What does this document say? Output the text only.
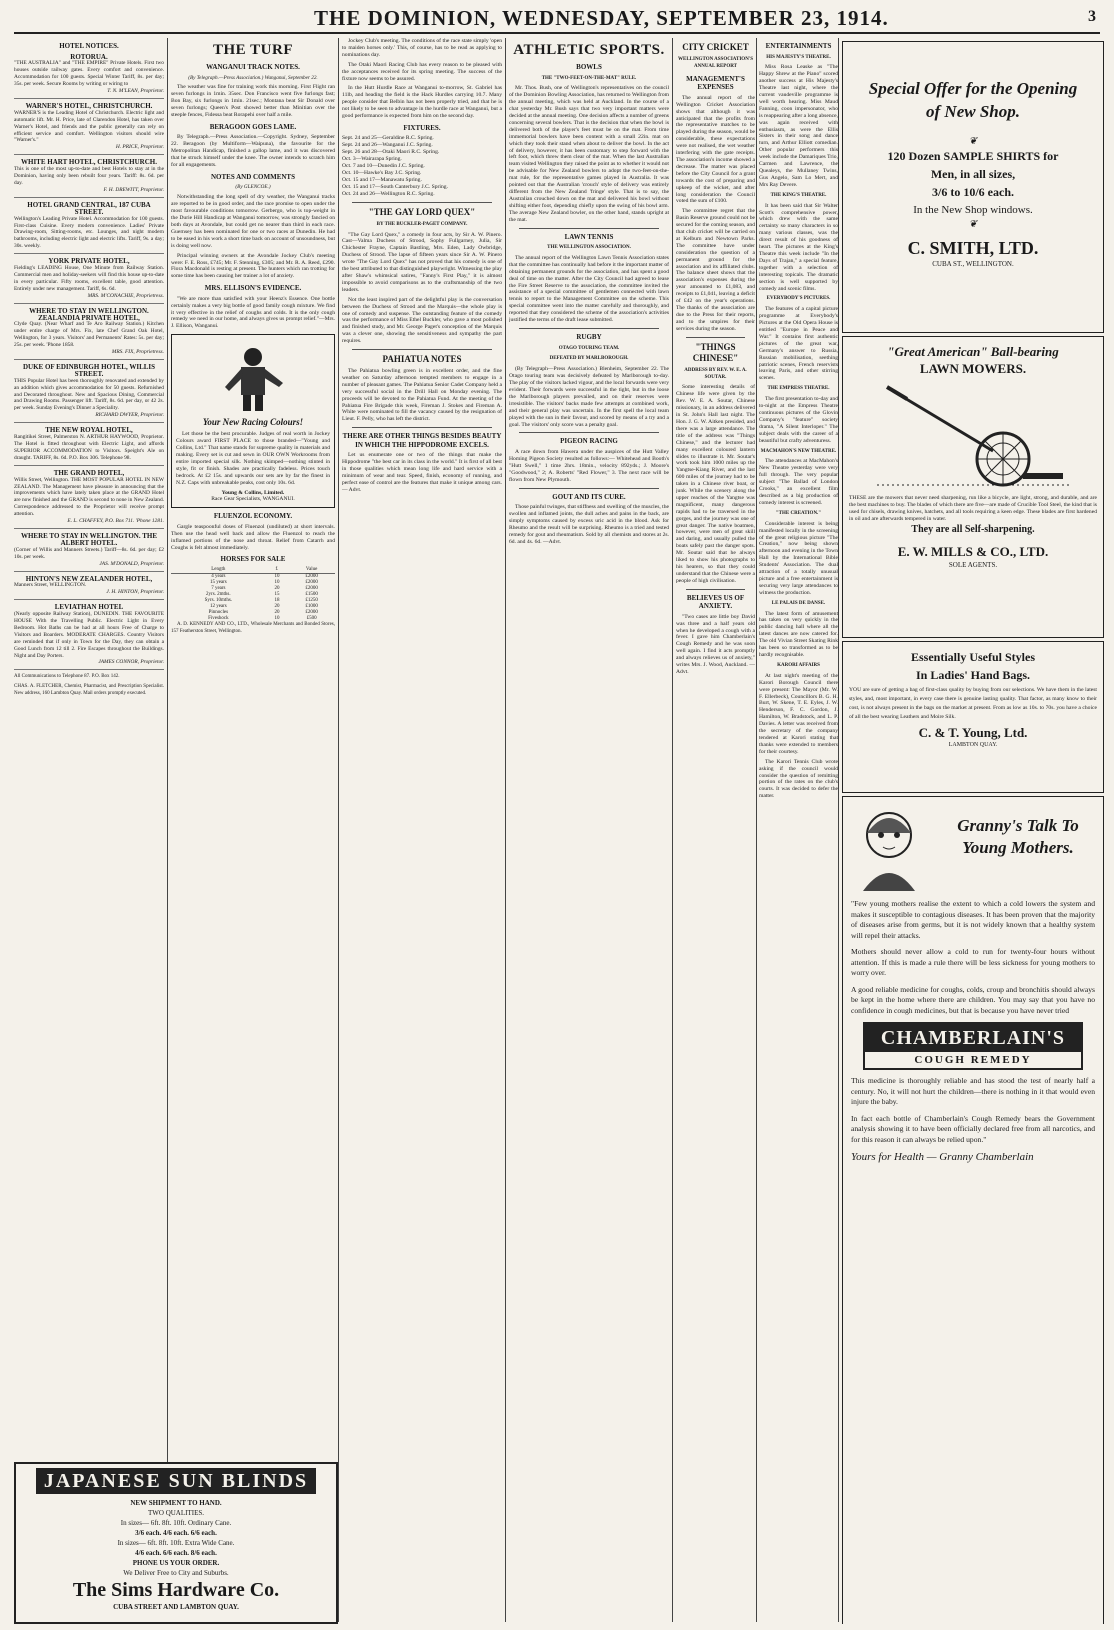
THE DOMINION, WEDNESDAY, SEPTEMBER 23, 1914.	3
HOTEL NOTICES.
ROTORUA.
"THE AUSTRALIA" and "THE EMPIRE" Private Hotels. First two houses outside railway gates. Every comfort and convenience. Accommodation for 100 guests. Special Winter Tariff, 8s. per day; 35s. per week. Secure Rooms by writing or wiring to
T. N. M'LEAN, Proprietor.
WARNER'S HOTEL, CHRISTCHURCH.
WARNER'S is the Leading Hotel of Christchurch. Electric light and automatic lift. Mr. H. Price, late of Clarendon Hotel, has taken over Warner's Hotel, and friends and the public generally can rely on efficient service and comfort. Wellington visitors should wire "Warner's."
H. PRICE, Proprietor.
WHITE HART HOTEL, CHRISTCHURCH.
This is one of the most up-to-date and best Hotels to stay at in the Dominion, having only been rebuilt four years. Tariff: 8s. 6d. per day.
F. H. DREWITT, Proprietor.
HOTEL GRAND CENTRAL, 187 CUBA STREET.
Wellington's Leading Private Hotel. Accommodation for 100 guests. First-class Cuisine. Every modern convenience. Ladies' Private Drawing-room, Sitting-rooms, etc. Lounges, and night modern bathrooms, including electric light and electric lifts. Tariff, 9s. a day; 30s. weekly.
YORK PRIVATE HOTEL,
Fielding's LEADING House, One Minute from Railway Station. Commercial men and holiday-seekers will find this house up-to-date in every particular. Fifty rooms, excellent table, good attention. Entirely under new management. Tariff, 6s. 6d.
MRS. M'CONACHIE, Proprietress.
WHERE TO STAY IN WELLINGTON. ZEALANDIA PRIVATE HOTEL,
Clyde Quay. (Near Wharf and Te Aro Railway Station.) Kitchen under entire charge of Mrs. Fix, late Chef Grand Oak Hotel, Wellington, for 3 years. Visitors' and Permanents' Rates: 5s. per day; 25s. per week. 'Phone 1858.
MRS. FIX, Proprietress.
DUKE OF EDINBURGH HOTEL, WILLIS STREET.
THIS Popular Hotel has been thoroughly renovated and extended by an addition which gives accommodation for 50 guests. Refurnished and Decorated throughout. New and Spacious Dining, Commercial and Drawing Rooms. Passenger lift. Tariff, 8s. 6d. per day, or 42 2s. per week. Sunday Evening's Dinner a Speciality.
RICHARD DWYER, Proprietor.
THE NEW ROYAL HOTEL,
Rangitikei Street, Palmerston N. ARTHUR HAYWOOD, Proprietor. The Hotel is fitted throughout with Electric Light, and affords SUPERIOR ACCOMMODATION to Visitors. Speight's Ale on draught. TARIFF, 8s. 6d. P.O. Box 306. Telephone 98.
THE GRAND HOTEL,
Willis Street, Wellington. THE MOST POPULAR HOTEL IN NEW ZEALAND. The Management have pleasure in announcing that the improvements which have lately taken place at the GRAND Hotel are now finished and the GRAND is second to none in New Zealand. Correspondence addressed to the Proprietor will receive prompt attention.
E. L. CHAFFEY, P.O. Box 711. 'Phone 1281.
WHERE TO STAY IN WELLINGTON. THE ALBERT HOTEL.
(Corner of Willis and Manners Streets.) Tariff—8s. 6d. per day; £2 10s. per week.
JAS. M'DONALD, Proprietor.
HINTON'S NEW ZEALANDER HOTEL,
Manners Street, WELLINGTON.
J. H. HINTON, Proprietor.
LEVIATHAN HOTEL
(Nearly opposite Railway Station), DUNEDIN. THE FAVOURITE HOUSE With the Travelling Public. Electric Light in Every Bedroom. Hot Baths can be had at all hours Free of Charge to Visitors and Boarders. MODERATE CHARGES. Country Visitors are reminded that if only in Town for the Day, they can obtain a Good Lunch from 12 till 2. Fire Escapes throughout the Buildings. Night and Day Porters.
JAMES CONNOR, Proprietor.
All Communications to Telephone 87. P.O. Box 142.
CHAS. A. FLETCHER, Chemist, Pharmacist, and Prescription Specialist. New address, 160 Lambton Quay. Mail orders promptly executed.
THE TURF
WANGANUI TRACK NOTES.
(By Telegraph.—Press Association.) Wanganui, September 22.

The weather was fine for training work this morning. First Flight ran seven furlongs in 1min. 35sec. Don Francisco went five furlongs fast; Bon Bay, six furlongs in 1min. 21sec.; Montana beat Sir Donald over seven furlongs; Queen's Post showed better than Minitian over the steeple fences, Fidessa beat Rorapehi over half a mile.

BERAGOON GOES LAME.

By Telegraph.—Press Association.—Copyright. Sydney, September 22. Beragoon (by Multiform—Waipuna), the favourite for the Metropolitan Handicap, finished a gallop lame, and it was discovered that he struck himself under the knee. The owner intends to scratch him for all engagements.

NOTES AND COMMENTS
(By GLENCOE.)

Notwithstanding the long spell of dry weather, the Wanganui tracks are reported to be in good order, and the race promise to open under the most favourable conditions tomorrow. Gerbergo, who is top-weight in the Durie Hill Handicap at Wanganui tomorrow, was strongly fancied on both days at Avondale, but could get no nearer than third in each race. Guernsey has been nominated for one or two races at Dunedin. He had to be eased in his work a short time back on account of unsoundness, but is doing well now.

Principal winning owners at the Avondale Jockey Club's meeting were: F. E. Ross, £745; Mr. F. Stenning, £305; and Mr. R. A. Reed, £290. Flora Macdonald is resting at present. The hunters which ran trotting for some time has been causing her trainer a lot of anxiety.

MRS. ELLISON'S EVIDENCE.

"We are more than satisfied with your Heenz's Essence. One bottle certainly makes a very big bottle of good family cough mixture. We find it very effective in the relief of coughs and colds. It is the only cough remedy we need in our home, and always gives us prompt relief."—Mrs. J. Ellison, Wanganui.

Your New Racing Colours!

Let those be the best procurable. Judges of real worth in Jockey Colours award FIRST PLACE to those branded—"Young and Collins, Ltd." That name stands for supreme quality in materials and making. Every set is cut and sewn in OUR OWN Workrooms from entire imported special silk. Nothing skimped—nothing stinted in style, fit or finish. Shades are practically fadeless. Prices touch bedrock. At £2 15s. and upwards our sets are by far the finest in N.Z. Caps with unbreakable peaks, cost only 10s. 6d.

Young & Collins, Limited.
Race Gear Specialists, WANGANUI.
FLUENZOL ECONOMY.

Gargle teaspoonful doses of Fluenzol (undiluted) at short intervals. Then use the head well back and allow the Fluenzol to reach the inflamed portions of the nose and throat. Relief from Catarrh and Coughs is felt almost immediately.

HORSES FOR SALE
Length	f.	Value
4 years	10	£2000
15 years	10	£2000
7 years	20	£2000
2yrs. 2mths.	15	£1500
Syrs. 10mths.	18	£1250
12 years	20	£1000
Pinnocles	20	£2000
Fiveshock	10	£500

A. D. KENNEDY AND CO., LTD., Wholesale Merchants and Bonded Stores, 157 Featherston Street, Wellington.

JAPANESE SUN BLINDS
NEW SHIPMENT TO HAND.
TWO QUALITIES.
In sizes— 6ft. 8ft. 10ft. Ordinary Cane.
3/6 each. 4/6 each. 6/6 each.
In sizes— 6ft. 8ft. 10ft. Extra Wide Cane.
4/6 each. 6/6 each. 8/6 each.
PHONE US YOUR ORDER.
We Deliver Free to City and Suburbs.
The Sims Hardware Co.
CUBA STREET AND LAMBTON QUAY.

Jockey Club's meeting. The conditions of the race state simply 'open to maiden horses only.' This, of course, has to be read as applying to nominations day.

The Otaki Maori Racing Club has every reason to be pleased with the acceptances received for its spring meeting. The success of the fixture now seems to be assured.

In the Hutt Hurdle Race at Wanganui to-morrow, St. Gabriel has 11lb, and heading the field is the Hack Hurdles carrying 10.7. Many people consider that Belbin has not been properly tried, and that he is not likely to be seen to advantage in the hurdle race at Wanganui, but a good performance is expected from him on the second day.

FIXTURES.
Sept. 24 and 25—Geraldine R.C. Spring.
Sept. 24 and 26—Wanganui J.C. Spring.
Sept. 26 and 28—Otaki Maori R.C. Spring.
Oct. 3—Wairarapa Spring.
Oct. 7 and 10—Dunedin J.C. Spring.
Oct. 10—Hawke's Bay J.C. Spring.
Oct. 15 and 17—Manawatu Spring.
Oct. 15 and 17—South Canterbury J.C. Spring.
Oct. 24 and 26—Wellington R.C. Spring.
"THE GAY LORD QUEX"
BY THE BUCKLER-PAGET COMPANY.

"The Gay Lord Quex," a comedy in four acts, by Sir A. W. Pinero. Cast—Valma Duchess of Strood, Sophy Fullgarney, Julia, Sir Chichester Frayne, Captain Bastling, Mrs. Eden, Lady Owbridge, Duchess of Strood. The lapse of fifteen years since Sir A. W. Pinero wrote "The Gay Lord Quex" has not proved that his comedy is one of the best attributed to that distinguished playwright. Witnessing the play after Shaw's whimsical satires, "Fanny's First Play," it is almost impossible to avoid comparisons as to the craftsmanship of the two leaders.

Not the least inspired part of the delightful play is the conversation between the Duchess of Strood and the Marquis—the whole play is one of comedy and suspense. The outstanding feature of the comedy was the performance of Miss Ethel Buckler, who gave a most polished and finished study, and Mr. George Paget's conception of the Marquis was a clever one, showing the sensitiveness and sympathy the part requires.

PAHIATUA NOTES

The Pahiatua bowling green is in excellent order, and the fine weather on Saturday afternoon tempted members to engage in a number of pleasant games. The Pahiatua Senior Cadet Company held a very successful social in the Drill Hall on Monday evening. The proceeds will be devoted to the Pahiatua Fund. At the meeting of the Pahiatua Fire Brigade this week, Fireman J. Stokes and Fireman A. White were nominated to fill the vacancy caused by the resignation of Lieut. F. Pelly, who has left the district.

THERE ARE OTHER THINGS BESIDES BEAUTY IN WHICH THE HIPPODROME EXCELS.

Let us enumerate one or two of the things that make the Hippodrome "the best car in its class in the world." It is first of all best in those qualities which mean long life and hard service with a minimum of wear and tear. Speed, finish, economy of running, and perfect ease of control are the features that make it unique among cars. — Advt.

ATHLETIC SPORTS.
BOWLS
THE "TWO-FEET-ON-THE-MAT" RULE.

Mr. Thos. Bush, one of Wellington's representatives on the council of the Dominion Bowling Association, has returned to Wellington from the annual meeting, which was held at Auckland. In the course of a chat yesterday Mr. Bush says that two very important matters were decided at the annual meeting. One decision affects a number of greens concerning several bowlers. That is the decision that when the bowl is delivered both of the player's feet must be on the mat. From time immemorial bowlers have been content with a small 22in. mat on which they took their stand when about to deliver the bowl. In the act of delivery, however, it has been customary to step forward with the left foot, which threw them clear of the mat. When the last Australian team visited Wellington they raised the point as to whether it would not be advisable for New Zealand bowlers to adopt the two-feet-on-the-mat rule, for the representative games played in Australia. It was pointed out that the Australian 'crouch' style of delivery was entirely different from the New Zealand 'fringe' style. That is to say, the Australian crouched down on the mat and delivered his bowl without shifting either foot, depending chiefly upon the swing of his bowl arm. The average New Zealand bowler, on the other hand, stands upright at the mat.

LAWN TENNIS
THE WELLINGTON ASSOCIATION.

The annual report of the Wellington Lawn Tennis Association states that the committee has continually had before it the important matter of obtaining permanent grounds for the association, and has spent a good deal of time on the matter. After the City Council had agreed to lease the Fire Street Reserve to the association, the committee invited the assistance of a special committee of gentlemen connected with lawn tennis to report to the Management Committee on the scheme. This special committee went into the matter carefully and thoroughly, and reported that they considered the scheme of the association's activities justified the terms of the draft lease submitted.

RUGBY
OTAGO TOURING TEAM.
DEFEATED BY MARLBOROUGH.

(By Telegraph—Press Association.) Blenheim, September 22. The Otago touring team was decisively defeated by Marlborough to-day. The play of the visitors lacked vigour, and the local forwards were very evident. Their forwards were successful in the tight, but in the loose the Marlborough players prevailed, and on their reserves were irresistible. The visitors' backs made few attempts at combined work, and their general play was uncertain. In the first spell the local team played with the sun in their favour, and scored by means of a try and a goal. The visitors' only score was a penalty goal.

PIGEON RACING

A race down from Hawera under the auspices of the Hutt Valley Homing Pigeon Society resulted as follows:— Whitehead and Booth's "Hutt Swell," 1 time 2hrs. 18min., velocity 892yds.; J. Moore's "Goodwood," 2; A. Roberts' "Red Flower," 3. The next race will be flown from New Plymouth.

GOUT AND ITS CURE.

Those painful twinges, that stiffness and swelling of the muscles, the swollen and inflamed joints, the dull aches and pains in the back, are simply symptoms caused by excess uric acid in the blood. Ask for Rheumo and the result will be surprising. Rheumo is a tried and tested remedy for gout and rheumatism. Sold by all chemists and stores at 2s. 6d. and 4s. 6d. —Advt.

CITY CRICKET
WELLINGTON ASSOCIATION'S ANNUAL REPORT
MANAGEMENT'S EXPENSES

The annual report of the Wellington Cricket Association shows that although it was anticipated that the profits from the representative matches to be played during the season, would be considerable, these expectations were not realised, the wet weather interfering with the gate receipts. The association's income showed a decrease. The matter was placed before the City Council for a grant towards the cost of preparing and upkeep of the wicket, and after long consideration the Council voted the sum of £100.

The committee regret that the Basin Reserve ground could not be secured for the coming season, and that club cricket will be carried on at Kelburn and Newtown Parks. The committee have under consideration the question of a permanent ground for the association and its affiliated clubs. The balance sheet shows that the association's expenses during the year amounted to £1,083, and receipts to £1,041, leaving a deficit of £42 on the year's operations. The thanks of the association are due to the Press for their reports, and to the umpires for their services during the season.

"THINGS CHINESE"
ADDRESS BY REV. W. E. A. SOUTAR.

Some interesting details of Chinese life were given by the Rev. W. E. A. Soutar, Chinese missionary, in an address delivered in St. John's Hall last night. The Hon. J. G. W. Aitken presided, and there was a large attendance. The title of the address was "Things Chinese," and the lecturer had many excellent coloured lantern slides to illustrate it. Mr. Soutar's work took him 1000 miles up the Yangtse-Kiang River, and the last 600 miles of the journey had to be taken in a Chinese river boat, or junk. While the scenery along the upper reaches of the Yangtse was magnificent, many dangerous rapids had to be traversed in the gorges, and the journey was one of great danger. The native boatmen, however, were men of great skill and daring, and usually pulled the boats safely past the danger spots. Mr. Soutar said that he always liked to show his photographs to his hearers, so that they could understand that the Chinese were a people of high civilisation.

BELIEVES US OF ANXIETY.

"Two cases are little boy David was three and a half years old when he developed a cough with a fever. I gave him Chamberlain's Cough Remedy and he was soon well again. I find it acts promptly and always relieves us of anxiety," writes Mrs. J. Wood, Auckland. —Advt.

Special Offer for the Opening
of New Shop.
❦
120 Dozen SAMPLE SHIRTS for
Men, in all sizes,
3/6 to 10/6 each.
In the New Shop windows.
❦
C. SMITH, LTD.
CUBA ST., WELLINGTON.
"Great American" Ball-bearing
LAWN MOWERS.

THESE are the mowers that never need sharpening, run like a bicycle, are light, strong, and durable, and are the best machines to buy. The blades of which there are five—are made of Crucible Tool Steel, the kind that is used for chisels, drawing knives, hatchets, and all tools requiring a keen edge. These blades are first hardened in oil and are afterwards tempered in water.

They are all Self-sharpening.
E. W. MILLS & CO., LTD.
SOLE AGENTS.
Essentially Useful Styles
In Ladies' Hand Bags.

YOU are sure of getting a bag of first-class quality by buying from our selections. We have them in the latest styles, and, most important, in every case there is genuine lasting quality. That factor, as many know to their cost, is not always present in the bags on the market at present. From as low as 10s. to 70s. you have a choice of all the best wearing Leathers and Moire Silk.

C. & T. Young, Ltd.
LAMBTON QUAY.
Granny's Talk To
Young Mothers.

"Few young mothers realise the extent to which a cold lowers the system and makes it susceptible to contagious diseases. It has been proven that the majority of diseases arise from germs, but it is not widely known that a healthy system will repel their attacks.

Mothers should never allow a cold to run for twenty-four hours without attention. If this is made a rule there will be less sickness for young mothers to worry over.

A good reliable medicine for coughs, colds, croup and bronchitis should always be kept in the home where there are children. You may say that you have no confidence in cough medicines, but that is because you have never tried

CHAMBERLAIN'S
COUGH REMEDY

This medicine is thoroughly reliable and has stood the test of nearly half a century. No, it will not hurt the children—there is nothing in it that would even injure the baby.

In fact each bottle of Chamberlain's Cough Remedy bears the Government analysis showing it to have been officially declared free from all narcotics, and for this reason it can always be relied upon."

Yours for Health — Granny Chamberlain
ENTERTAINMENTS
HIS MAJESTY'S THEATRE.

Miss Rosa Leaske as "The Happy Shrew at the Piano" scored another success at His Majesty's Theatre last night, where the current vaudeville programme is well worth hearing. Miss Maud Fanning, coon impersonator, who is reappearing after a long absence, was again received with enthusiasm, as were the Ellis Sisters in their song and dance turn, and Arthur Elliott comedian. Other popular performers this week include the Damariques Trio, Carmen and Lawrence, the Quealeys, the Mullaney Twins, Gus Angelo, Sam Lo Mert, and Mrs Ray Devere.

THE KING'S THEATRE.

It has been said that Sir Walter Scott's comprehensive power, which drew with the same certainty so many characters in so many various classes, was the direct result of his goodness of heart. The pictures at the King's Theatre this week include "In the Days of Trajan," a special feature, together with a selection of interesting topicals. The dramatic section is well supported by comedy and scenic films.

EVERYBODY'S PICTURES.

The features of a capital picture programme at Everybody's Pictures at the Old Opera House is entitled "Europe in Peace and War." It contains first authentic pictures of the great war, Germany's answer to Russia, Russian mobilisation, seething patriotic scenes, French reservists leaving Paris, and other stirring scenes.

THE EMPRESS THEATRE.

The first presentation to-day and to-night at the Empress Theatre continuous pictures of the Glovin Company's "feature" society drama, "A Silent Interloper." The subject deals with the career of a beautiful but crafty adventuress.

MACMAHON'S NEW THEATRE.

The attendances at MacMahon's New Theatre yesterday were very full through. The very popular subject "The Ballad of London Crooks," an excellent film described as a big production of comedy interest is screened.

"THE CREATION."

Considerable interest is being manifested locally in the screening of the great religious picture "The Creation," now being shown afternoon and evening in the Town Hall by the International Bible Students' Association. The dual attraction of a totally unusual picture and a free entertainment is securing very large attendances to witness the production.

LE PALAIS DE DANSE.

The latest form of amusement has taken on very quickly in the public dancing hall where all the latest dances are now catered for. The old Vivian Street Skating Rink has been so transformed as to be hardly recognisable.

KARORI AFFAIRS

At last night's meeting of the Karori Borough Council there were present: The Mayor (Mr. W. F. Ellerbeck), Councillors B. G. H. Burt, W. Skene, T. E. Eyles, J. W. Henderson, F. C. Gordon, J. Hamilton, W. Bradstock, and L. P. Davies. A letter was received from the secretary of the company tendered at Karori stating that thanks were extended to members for their courtesy.

The Karori Tennis Club wrote asking if the council would consider the question of remitting portion of the rates on the club's courts. It was decided to defer the matter.
